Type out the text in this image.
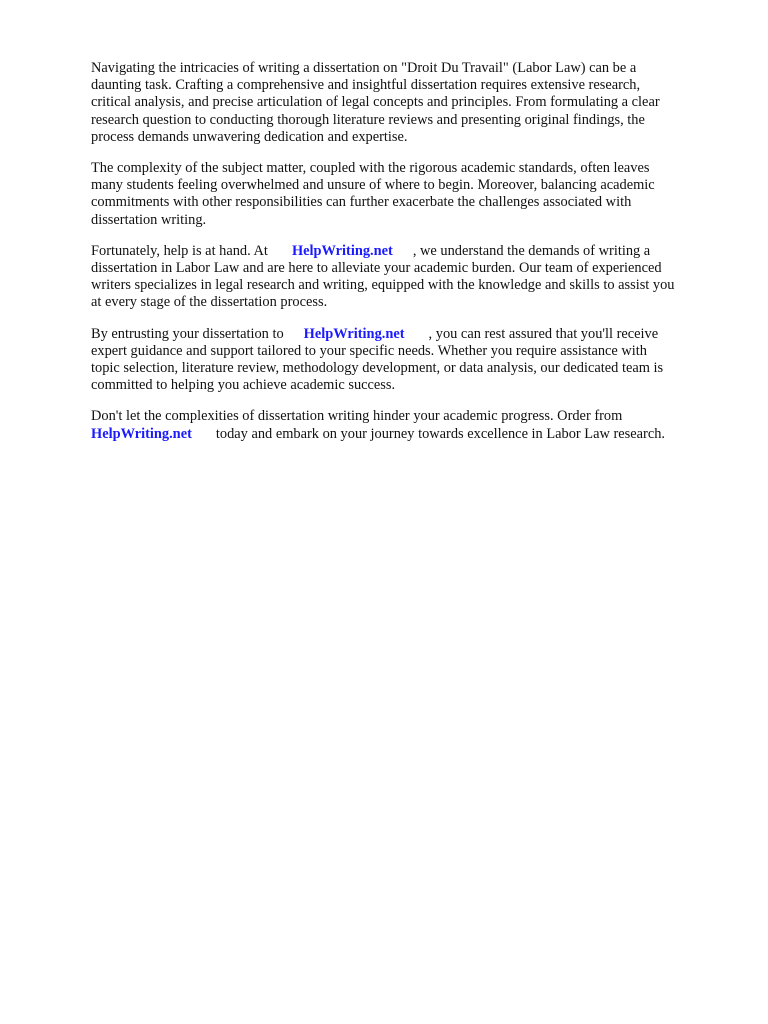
Navigating the intricacies of writing a dissertation on "Droit Du Travail" (Labor Law) can be a
daunting task. Crafting a comprehensive and insightful dissertation requires extensive research,
critical analysis, and precise articulation of legal concepts and principles. From formulating a clear
research question to conducting thorough literature reviews and presenting original findings, the
process demands unwavering dedication and expertise.

The complexity of the subject matter, coupled with the rigorous academic standards, often leaves
many students feeling overwhelmed and unsure of where to begin. Moreover, balancing academic
commitments with other responsibilities can further exacerbate the challenges associated with
dissertation writing.

Fortunately, help is at hand. At HelpWriting.net , we understand the demands of writing a
dissertation in Labor Law and are here to alleviate your academic burden. Our team of experienced
writers specializes in legal research and writing, equipped with the knowledge and skills to assist you
at every stage of the dissertation process.

By entrusting your dissertation to HelpWriting.net , you can rest assured that you'll receive
expert guidance and support tailored to your specific needs. Whether you require assistance with
topic selection, literature review, methodology development, or data analysis, our dedicated team is
committed to helping you achieve academic success.

Don't let the complexities of dissertation writing hinder your academic progress. Order from
HelpWriting.net today and embark on your journey towards excellence in Labor Law research.
